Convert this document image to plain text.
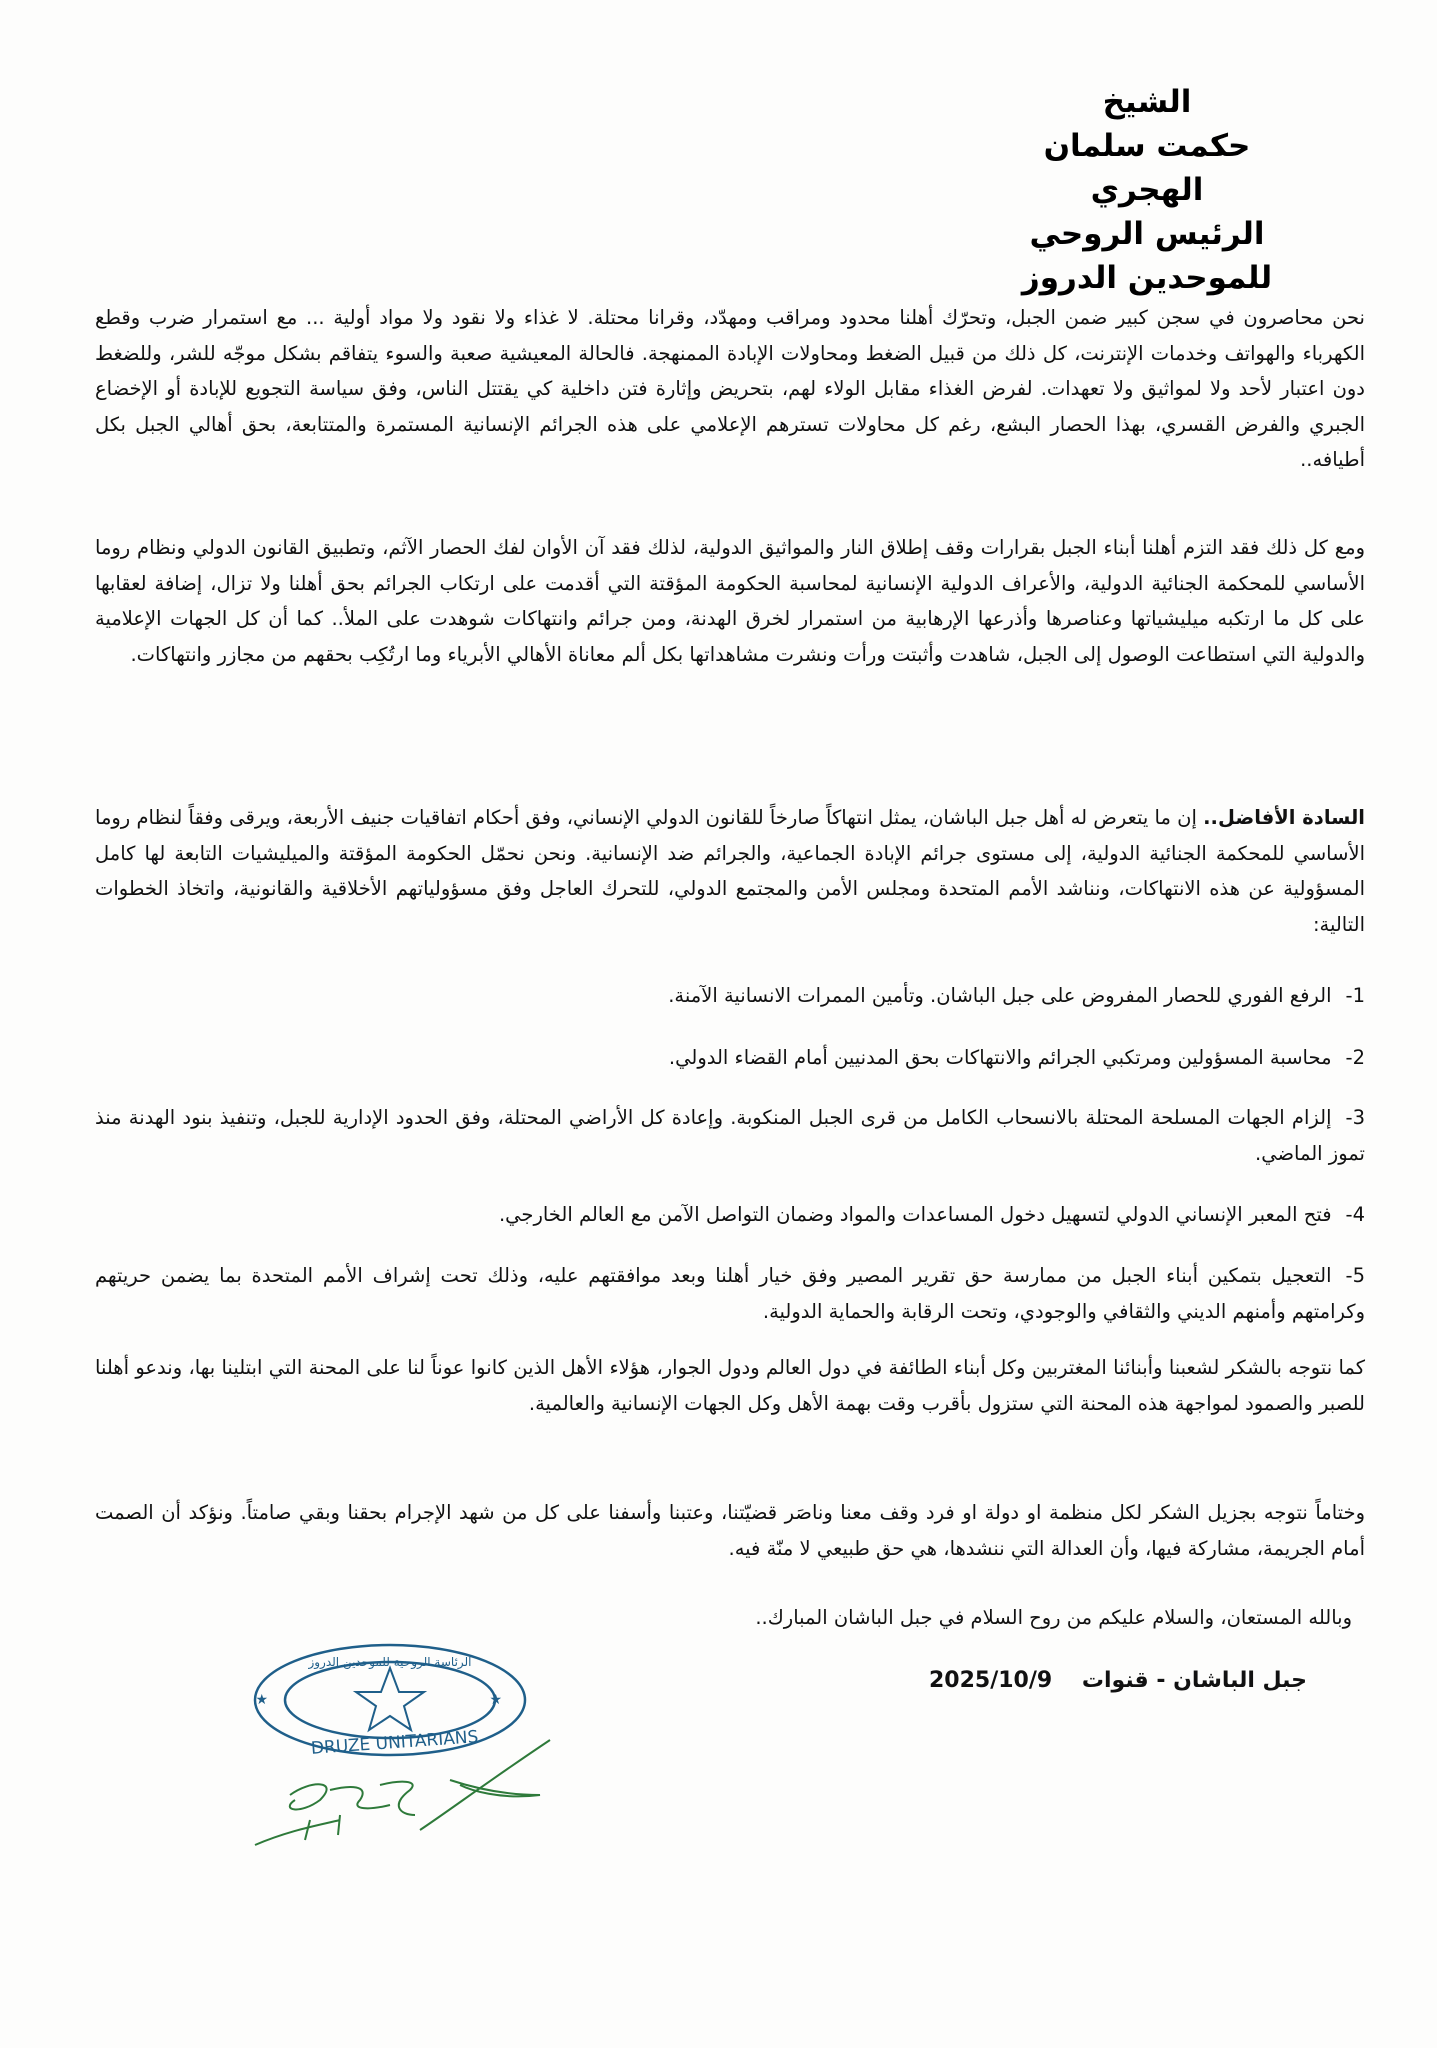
الشيخ
حكمت سلمان الهجري
الرئيس الروحي
للموحدين الدروز

نحن محاصرون في سجن كبير ضمن الجبل، وتحرّك أهلنا محدود ومراقب ومهدّد، وقرانا محتلة. لا غذاء ولا نقود ولا مواد أولية ... مع استمرار ضرب وقطع الكهرباء والهواتف وخدمات الإنترنت، كل ذلك من قبيل الضغط ومحاولات الإبادة الممنهجة. فالحالة المعيشية صعبة والسوء يتفاقم بشكل موجّه للشر، وللضغط دون اعتبار لأحد ولا لمواثيق ولا تعهدات. لفرض الغذاء مقابل الولاء لهم، بتحريض وإثارة فتن داخلية كي يقتتل الناس، وفق سياسة التجويع للإبادة أو الإخضاع الجبري والفرض القسري، بهذا الحصار البشع، رغم كل محاولات تسترهم الإعلامي على هذه الجرائم الإنسانية المستمرة والمتتابعة، بحق أهالي الجبل بكل أطيافه..

ومع كل ذلك فقد التزم أهلنا أبناء الجبل بقرارات وقف إطلاق النار والمواثيق الدولية، لذلك فقد آن الأوان لفك الحصار الآثم، وتطبيق القانون الدولي ونظام روما الأساسي للمحكمة الجنائية الدولية، والأعراف الدولية الإنسانية لمحاسبة الحكومة المؤقتة التي أقدمت على ارتكاب الجرائم بحق أهلنا ولا تزال، إضافة لعقابها على كل ما ارتكبه ميليشياتها وعناصرها وأذرعها الإرهابية من استمرار لخرق الهدنة، ومن جرائم وانتهاكات شوهدت على الملأ.. كما أن كل الجهات الإعلامية والدولية التي استطاعت الوصول إلى الجبل، شاهدت وأثبتت ورأت ونشرت مشاهداتها بكل ألم معاناة الأهالي الأبرياء وما ارتُكِب بحقهم من مجازر وانتهاكات.

السادة الأفاضل.. إن ما يتعرض له أهل جبل الباشان، يمثل انتهاكاً صارخاً للقانون الدولي الإنساني، وفق أحكام اتفاقيات جنيف الأربعة، ويرقى وفقاً لنظام روما الأساسي للمحكمة الجنائية الدولية، إلى مستوى جرائم الإبادة الجماعية، والجرائم ضد الإنسانية. ونحن نحمّل الحكومة المؤقتة والميليشيات التابعة لها كامل المسؤولية عن هذه الانتهاكات، ونناشد الأمم المتحدة ومجلس الأمن والمجتمع الدولي، للتحرك العاجل وفق مسؤولياتهم الأخلاقية والقانونية، واتخاذ الخطوات التالية:

1-الرفع الفوري للحصار المفروض على جبل الباشان. وتأمين الممرات الانسانية الآمنة.
2-محاسبة المسؤولين ومرتكبي الجرائم والانتهاكات بحق المدنيين أمام القضاء الدولي.
3-إلزام الجهات المسلحة المحتلة بالانسحاب الكامل من قرى الجبل المنكوبة. وإعادة كل الأراضي المحتلة، وفق الحدود الإدارية للجبل، وتنفيذ بنود الهدنة منذ تموز الماضي.
4-فتح المعبر الإنساني الدولي لتسهيل دخول المساعدات والمواد وضمان التواصل الآمن مع العالم الخارجي.
5-التعجيل بتمكين أبناء الجبل من ممارسة حق تقرير المصير وفق خيار أهلنا وبعد موافقتهم عليه، وذلك تحت إشراف الأمم المتحدة بما يضمن حريتهم وكرامتهم وأمنهم الديني والثقافي والوجودي، وتحت الرقابة والحماية الدولية.

كما نتوجه بالشكر لشعبنا وأبنائنا المغتربين وكل أبناء الطائفة في دول العالم ودول الجوار، هؤلاء الأهل الذين كانوا عوناً لنا على المحنة التي ابتلينا بها، وندعو أهلنا للصبر والصمود لمواجهة هذه المحنة التي ستزول بأقرب وقت بهمة الأهل وكل الجهات الإنسانية والعالمية.

وختاماً نتوجه بجزيل الشكر لكل منظمة او دولة او فرد وقف معنا وناصَر قضيّتنا، وعتبنا وأسفنا على كل من شهد الإجرام بحقنا وبقي صامتاً. ونؤكد أن الصمت أمام الجريمة، مشاركة فيها، وأن العدالة التي ننشدها، هي حق طبيعي لا منّة فيه.

وبالله المستعان، والسلام عليكم من روح السلام في جبل الباشان المبارك..

جبل الباشان - قنوات 2025/10/9
★	★
الرئاسة الروحية للموحدين الدروز
DRUZE UNITARIANS
